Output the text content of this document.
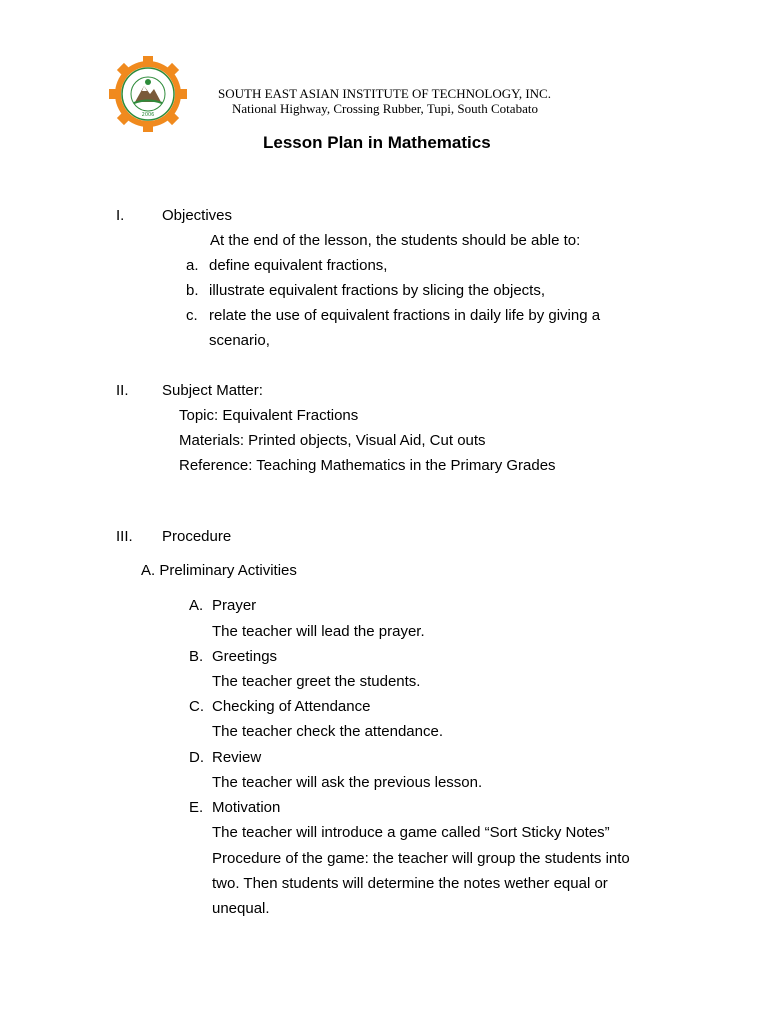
2006
SOUTH EAST ASIAN INSTITUTE OF TECHNOLOGY, INC.
National Highway, Crossing Rubber, Tupi, South Cotabato
Lesson Plan in Mathematics
I.	Objectives
At the end of the lesson, the students should be able to:
a. define equivalent fractions,
b. illustrate equivalent fractions by slicing the objects,
c. relate the use of equivalent fractions in daily life by giving a
scenario,
II. Subject Matter:
Topic: Equivalent Fractions
Materials: Printed objects, Visual Aid, Cut outs
Reference: Teaching Mathematics in the Primary Grades
III. Procedure
A. Preliminary Activities
A. Prayer
The teacher will lead the prayer.
B. Greetings
The teacher greet the students.
C. Checking of Attendance
The teacher check the attendance.
D. Review
The teacher will ask the previous lesson.
E. Motivation
The teacher will introduce a game called “Sort Sticky Notes”
Procedure of the game: the teacher will group the students into
two. Then students will determine the notes wether equal or
unequal.
